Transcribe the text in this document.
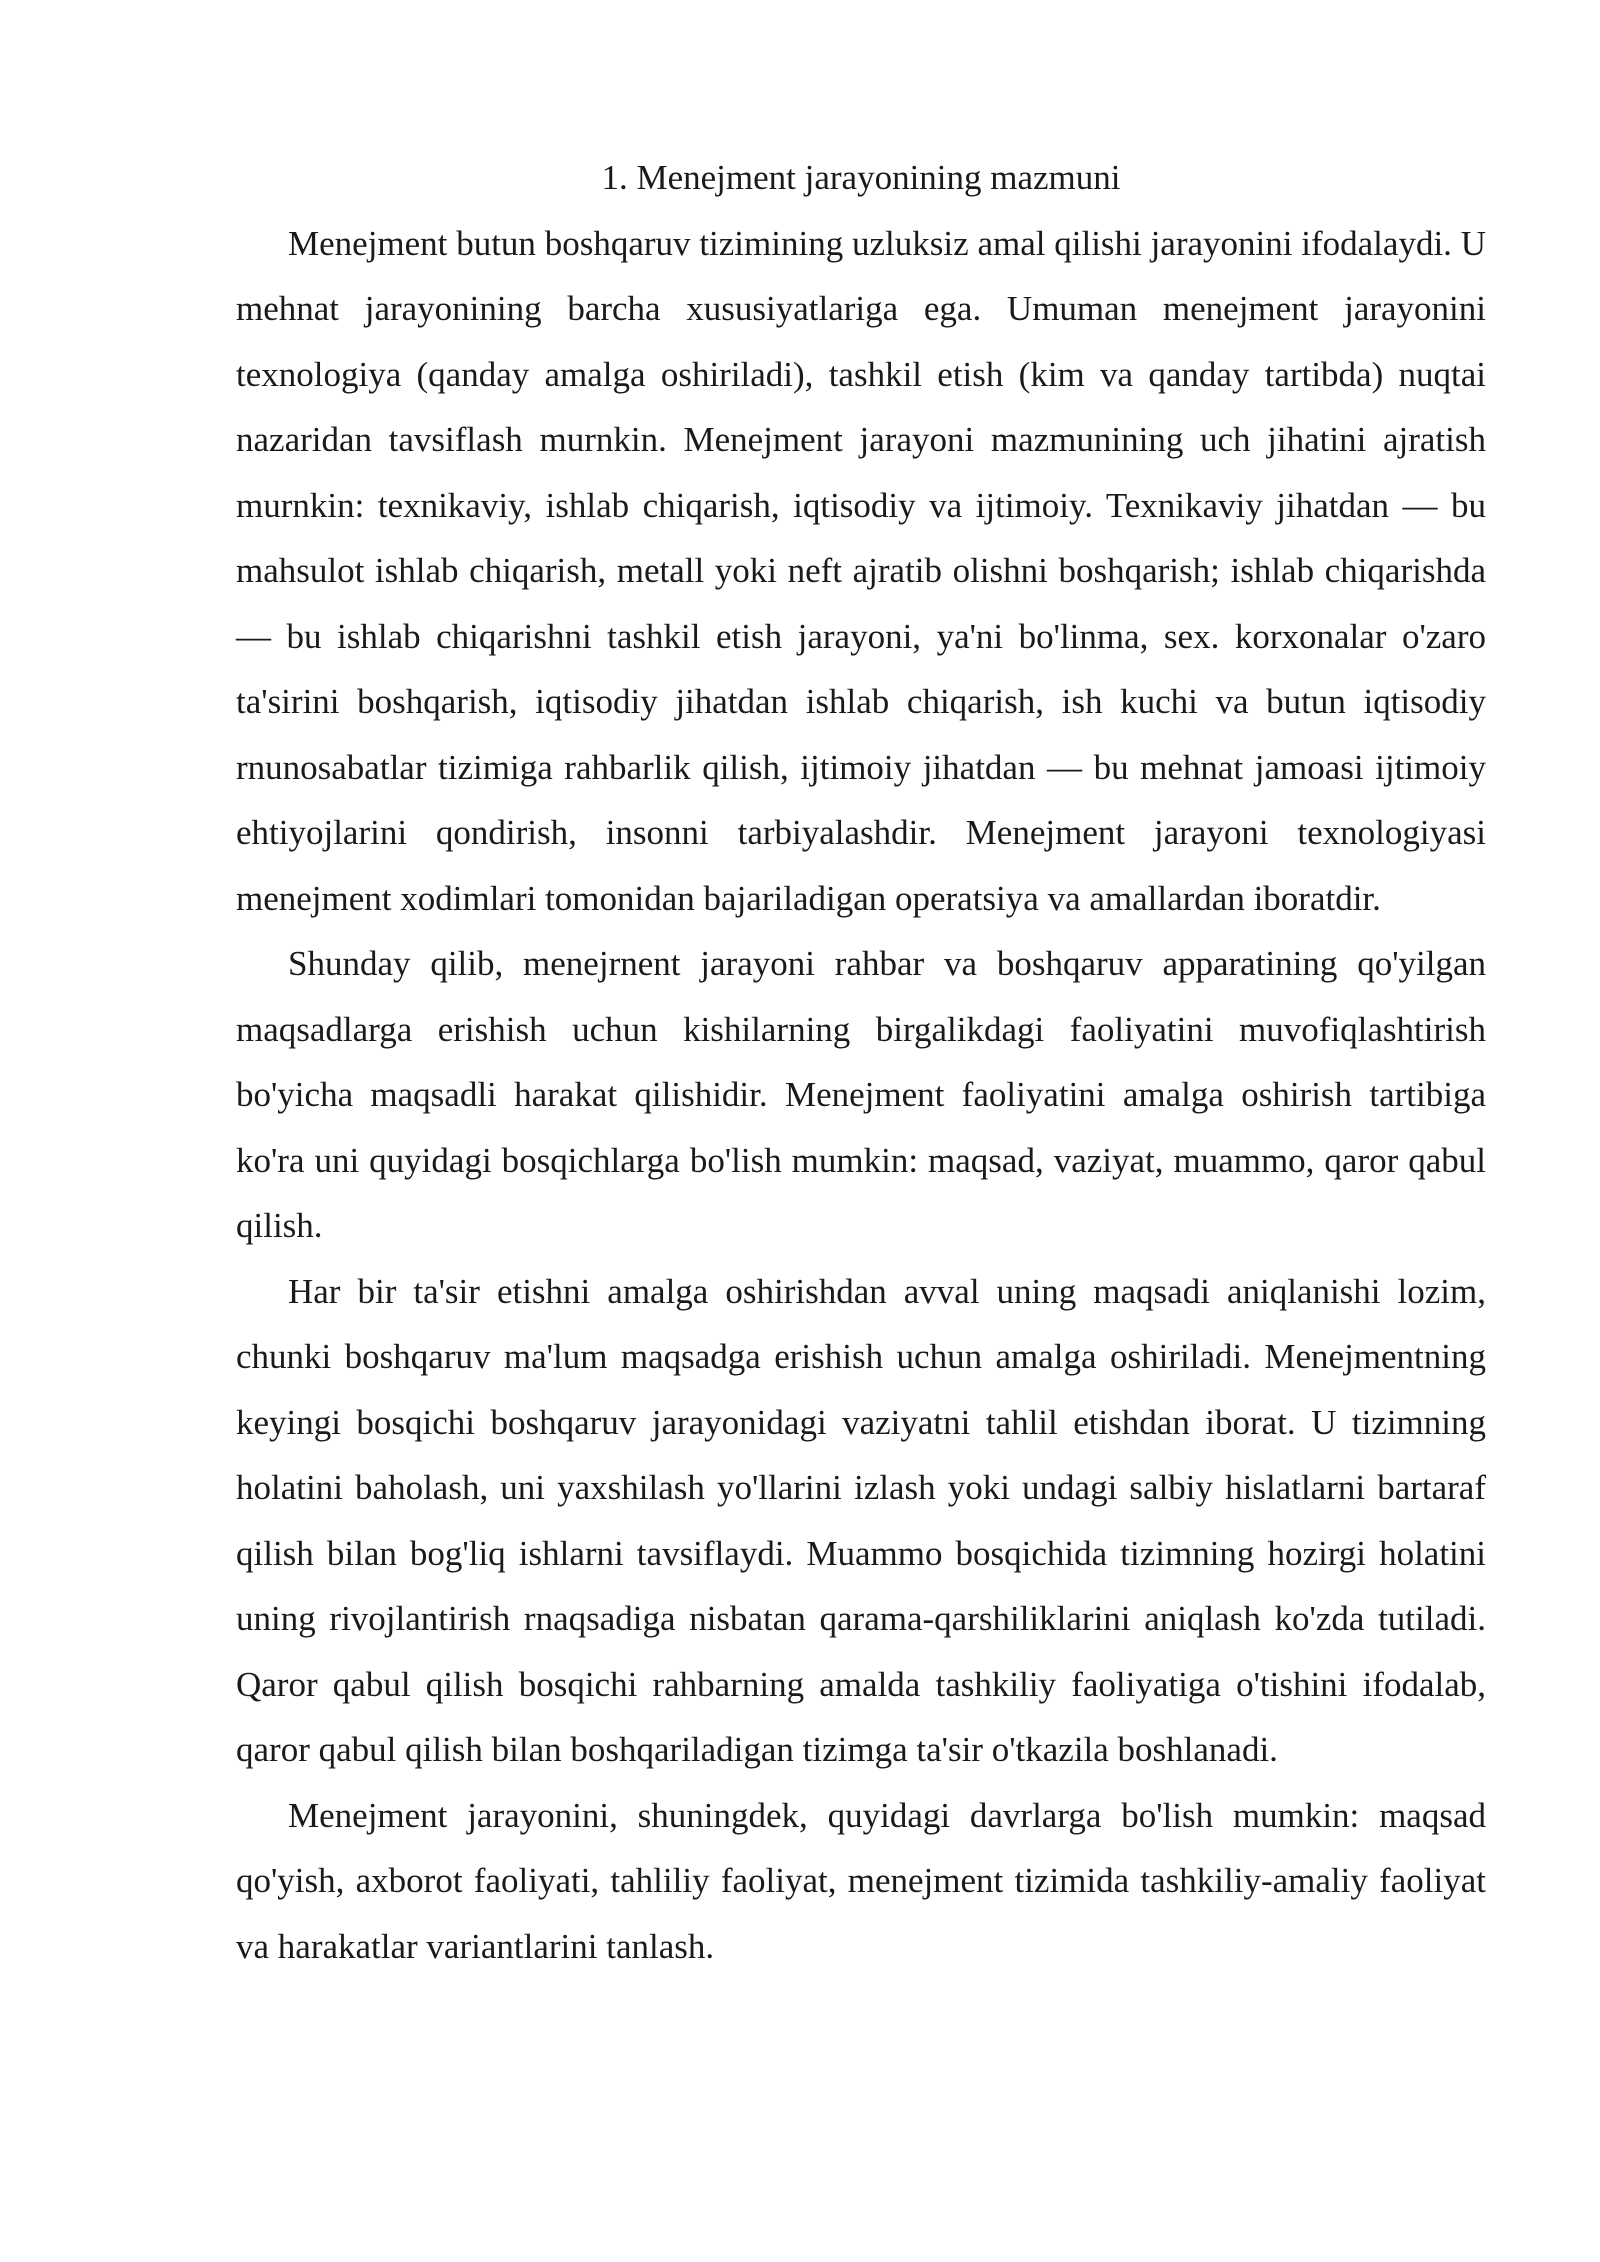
1. Menejment jarayonining mazmuni

Menejment butun boshqaruv tizimining uzluksiz amal qilishi jarayonini ifodalaydi. U mehnat jarayonining barcha xususiyatlariga ega. Umuman menejment jarayonini texnologiya (qanday amalga oshiriladi), tashkil etish (kim va qanday tartibda) nuqtai nazaridan tavsiflash murnkin. Menejment jarayoni mazmunining uch jihatini ajratish murnkin: texnikaviy, ishlab chiqarish, iqtisodiy va ijtimoiy. Texnikaviy jihatdan — bu mahsulot ishlab chiqarish, metall yoki neft ajratib olishni boshqarish; ishlab chiqarishda — bu ishlab chiqarishni tashkil etish jarayoni, ya'ni bo'linma, sex. korxonalar o'zaro ta'sirini boshqarish, iqtisodiy jihatdan ishlab chiqarish, ish kuchi va butun iqtisodiy rnunosabatlar tizimiga rahbarlik qilish, ijtimoiy jihatdan — bu mehnat jamoasi ijtimoiy ehtiyojlarini qondirish, insonni tarbiyalashdir. Menejment jarayoni texnologiyasi menejment xodimlari tomonidan bajariladigan operatsiya va amallardan iboratdir.

Shunday qilib, menejrnent jarayoni rahbar va boshqaruv apparatining qo'yilgan maqsadlarga erishish uchun kishilarning birgalikdagi faoliyatini muvofiqlashtirish bo'yicha maqsadli harakat qilishidir. Menejment faoliyatini amalga oshirish tartibiga ko'ra uni quyidagi bosqichlarga bo'lish mumkin: maqsad, vaziyat, muammo, qaror qabul qilish.

Har bir ta'sir etishni amalga oshirishdan avval uning maqsadi aniqlanishi lozim, chunki boshqaruv ma'lum maqsadga erishish uchun amalga oshiriladi. Menejmentning keyingi bosqichi boshqaruv jarayonidagi vaziyatni tahlil etishdan iborat. U tizimning holatini baholash, uni yaxshilash yo'llarini izlash yoki undagi salbiy hislatlarni bartaraf qilish bilan bog'liq ishlarni tavsiflaydi. Muammo bosqichida tizimning hozirgi holatini uning rivojlantirish rnaqsadiga nisbatan qarama-qarshiliklarini aniqlash ko'zda tutiladi. Qaror qabul qilish bosqichi rahbarning amalda tashkiliy faoliyatiga o'tishini ifodalab, qaror qabul qilish bilan boshqariladigan tizimga ta'sir o'tkazila boshlanadi.

Menejment jarayonini, shuningdek, quyidagi davrlarga bo'lish mumkin: maqsad qo'yish, axborot faoliyati, tahliliy faoliyat, menejment tizimida tashkiliy-amaliy faoliyat va harakatlar variantlarini tanlash.
